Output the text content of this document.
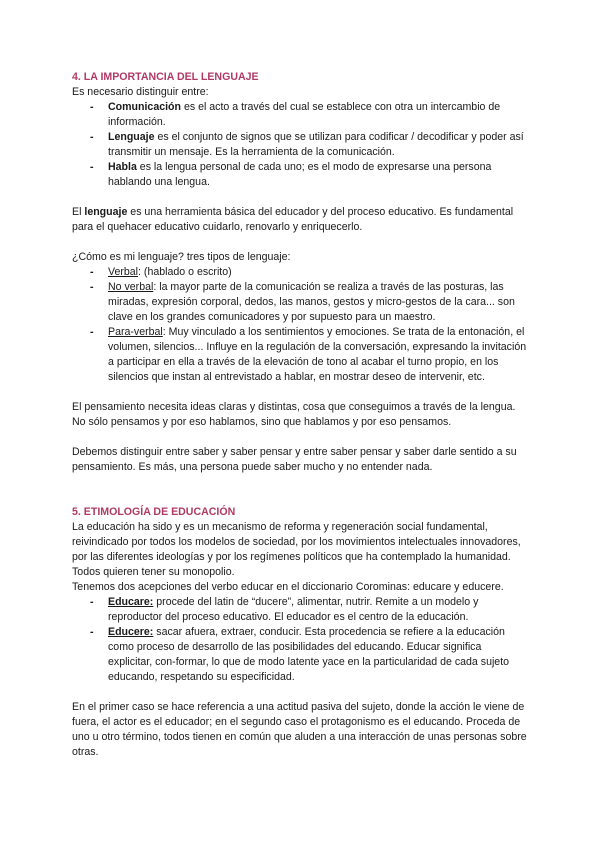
4. LA IMPORTANCIA DEL LENGUAJE

Es necesario distinguir entre:

- Comunicación es el acto a través del cual se establece con otra un intercambio de información.
- Lenguaje es el conjunto de signos que se utilizan para codificar / decodificar y poder así transmitir un mensaje. Es la herramienta de la comunicación.
- Habla es la lengua personal de cada uno; es el modo de expresarse una persona hablando una lengua.

El lenguaje es una herramienta básica del educador y del proceso educativo. Es fundamental para el quehacer educativo cuidarlo, renovarlo y enriquecerlo.

¿Cómo es mi lenguaje? tres tipos de lenguaje:

- Verbal: (hablado o escrito)
- No verbal: la mayor parte de la comunicación se realiza a través de las posturas, las miradas, expresión corporal, dedos, las manos, gestos y micro-gestos de la cara... son clave en los grandes comunicadores y por supuesto para un maestro.
- Para-verbal: Muy vinculado a los sentimientos y emociones. Se trata de la entonación, el volumen, silencios... Influye en la regulación de la conversación, expresando la invitación a participar en ella a través de la elevación de tono al acabar el turno propio, en los silencios que instan al entrevistado a hablar, en mostrar deseo de intervenir, etc.

El pensamiento necesita ideas claras y distintas, cosa que conseguimos a través de la lengua. No sólo pensamos y por eso hablamos, sino que hablamos y por eso pensamos.

Debemos distinguir entre saber y saber pensar y entre saber pensar y saber darle sentido a su pensamiento. Es más, una persona puede saber mucho y no entender nada.

5. ETIMOLOGÍA DE EDUCACIÓN

La educación ha sido y es un mecanismo de reforma y regeneración social fundamental, reivindicado por todos los modelos de sociedad, por los movimientos intelectuales innovadores, por las diferentes ideologías y por los regímenes políticos que ha contemplado la humanidad. Todos quieren tener su monopolio.

Tenemos dos acepciones del verbo educar en el diccionario Corominas: educare y educere.

- Educare: procede del latin de “ducere”, alimentar, nutrir. Remite a un modelo y reproductor del proceso educativo. El educador es el centro de la educación.
- Educere: sacar afuera, extraer, conducir. Esta procedencia se refiere a la educación como proceso de desarrollo de las posibilidades del educando. Educar significa explicitar, con-formar, lo que de modo latente yace en la particularidad de cada sujeto educando, respetando su especificidad.

En el primer caso se hace referencia a una actitud pasiva del sujeto, donde la acción le viene de fuera, el actor es el educador; en el segundo caso el protagonismo es el educando. Proceda de uno u otro término, todos tienen en común que aluden a una interacción de unas personas sobre otras.
